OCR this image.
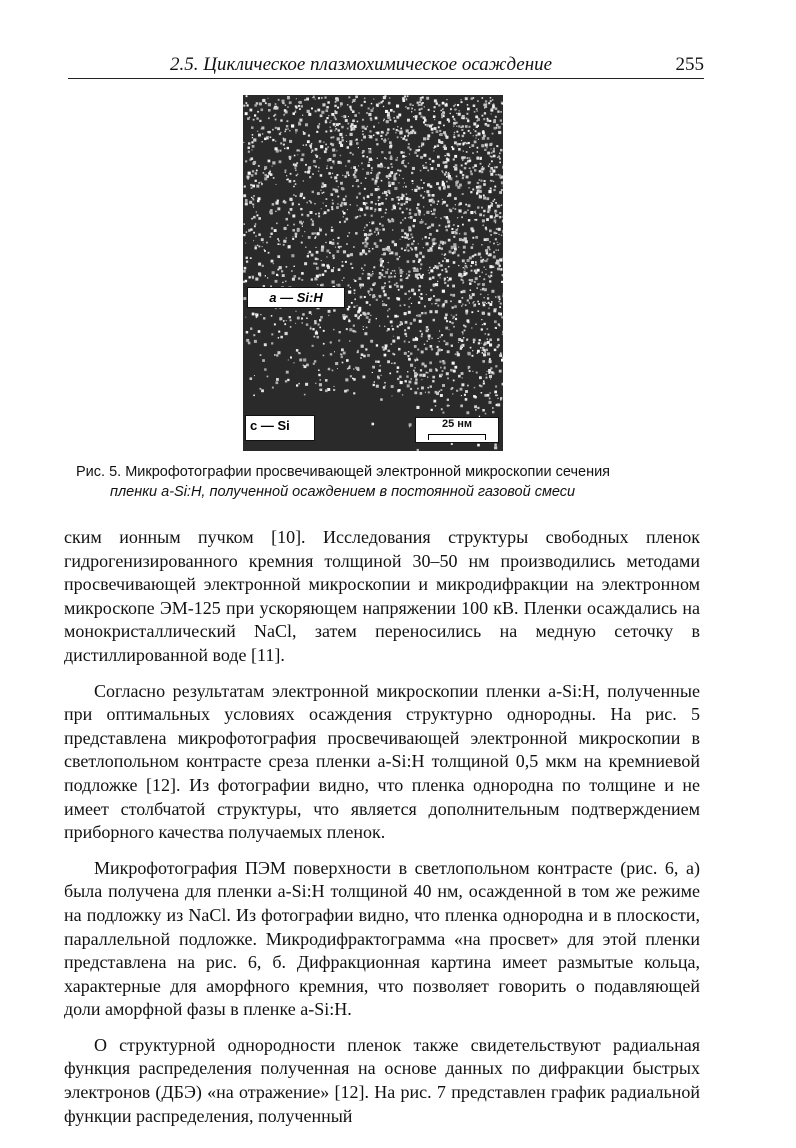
2.5. Циклическое плазмохимическое осаждение	255
a — Si:H
c — Si	25 нм
Рис. 5. Микрофотографии просвечивающей электронной микроскопии сечения
пленки a-Si:H, полученной осаждением в постоянной газовой смеси

ским ионным пучком [10]. Исследования структуры свободных пленок гидрогенизированного кремния толщиной 30–50 нм производились методами просвечивающей электронной микроскопии и микродифракции на электронном микроскопе ЭМ-125 при ускоряющем напряжении 100 кВ. Пленки осаждались на монокристаллический NaCl, затем переносились на медную сеточку в дистиллированной воде [11].

Согласно результатам электронной микроскопии пленки a-Si:H, полученные при оптимальных условиях осаждения структурно однородны. На рис. 5 представлена микрофотография просвечивающей электронной микроскопии в светлопольном контрасте среза пленки a-Si:H толщиной 0,5 мкм на кремниевой подложке [12]. Из фотографии видно, что пленка однородна по толщине и не имеет столбчатой структуры, что является дополнительным подтверждением приборного качества получаемых пленок.

Микрофотография ПЭМ поверхности в светлопольном контрасте (рис. 6, a) была получена для пленки a-Si:H толщиной 40 нм, осажденной в том же режиме на подложку из NaCl. Из фотографии видно, что пленка однородна и в плоскости, параллельной подложке. Микродифрактограмма «на просвет» для этой пленки представлена на рис. 6, б. Дифракционная картина имеет размытые кольца, характерные для аморфного кремния, что позволяет говорить о подавляющей доли аморфной фазы в пленке a-Si:H.

О структурной однородности пленок также свидетельствуют радиальная функция распределения полученная на основе данных по дифракции быстрых электронов (ДБЭ) «на отражение» [12]. На рис. 7 представлен график радиальной функции распределения, полученный
